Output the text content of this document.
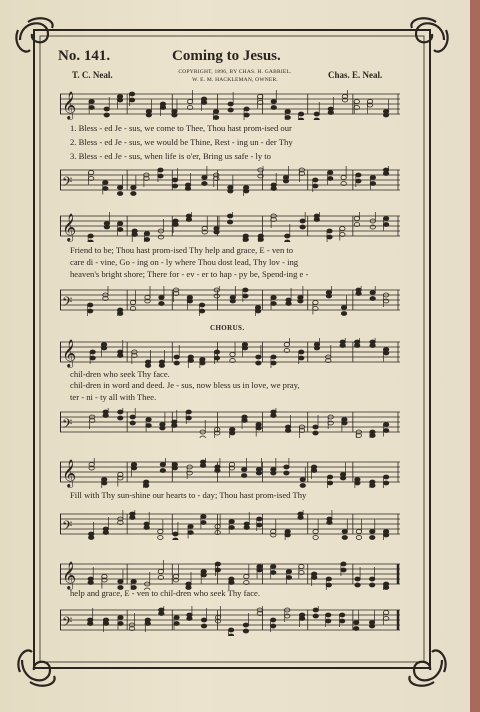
No. 141.	Coming to Jesus.
T. C. Neal.	COPYRIGHT, 1896, BY CHAS. H. GABRIEL.
W. E. M. HACKLEMAN, OWNER.	Chas. E. Neal.
𝄞
1. Bless - ed Je - sus, we come to Thee, Thou hast prom-ised our
2. Bless - ed Je - sus, we would be Thine, Rest - ing un - der Thy
3. Bless - ed Je - sus, when life is o'er, Bring us safe - ly to
𝄢
𝄞
Friend to be; Thou hast prom-ised Thy help and grace, E - ven to
care di - vine, Go - ing on - ly where Thou dost lead, Thy lov - ing
heaven's bright shore; There for - ev - er to hap - py be, Spend-ing e -
𝄢
CHORUS.
𝄞
chil-dren who seek Thy face.
chil-dren in word and deed. Je - sus, now bless us in love, we pray,
ter - ni - ty all with Thee.
𝄢
𝄞
Fill with Thy sun-shine our hearts to - day; Thou hast prom-ised Thy
𝄢
𝄞
help and grace, E - ven to chil-dren who seek Thy face.
𝄢
